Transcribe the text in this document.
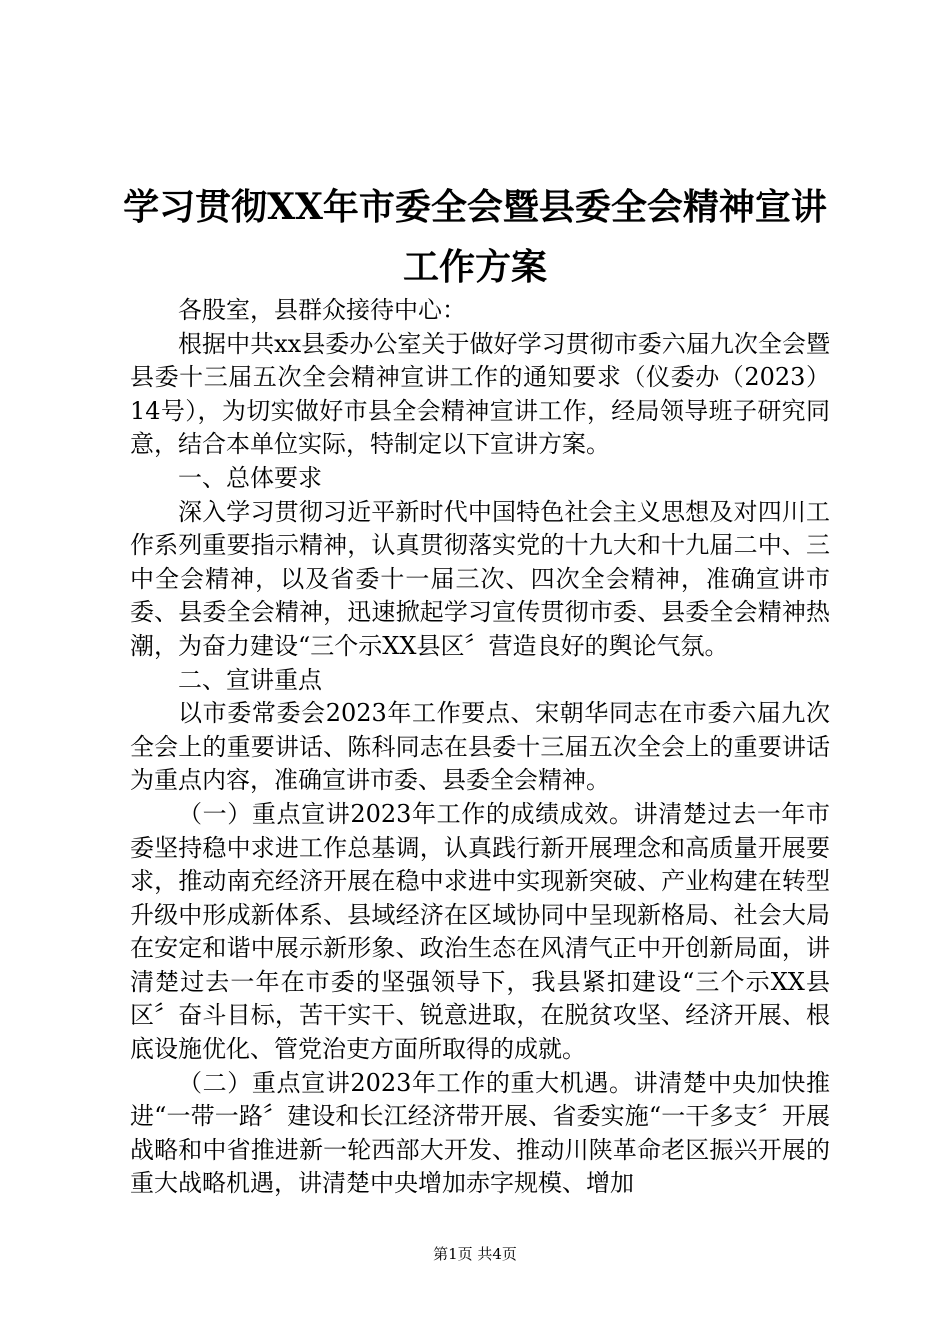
学习贯彻XX年市委全会暨县委全会精神宣讲
工作方案

各股室，县群众接待中心：

根据中共xx县委办公室关于做好学习贯彻市委六届九次全会暨县委十三届五次全会精神宣讲工作的通知要求（仪委办（2023）14号），为切实做好市县全会精神宣讲工作，经局领导班子研究同意，结合本单位实际，特制定以下宣讲方案。

一、总体要求

深入学习贯彻习近平新时代中国特色社会主义思想及对四川工作系列重要指示精神，认真贯彻落实党的十九大和十九届二中、三中全会精神，以及省委十一届三次、四次全会精神，准确宣讲市委、县委全会精神，迅速掀起学习宣传贯彻市委、县委全会精神热潮，为奋力建设“三个示XX县区〞营造良好的舆论气氛。

二、宣讲重点

以市委常委会2023年工作要点、宋朝华同志在市委六届九次全会上的重要讲话、陈科同志在县委十三届五次全会上的重要讲话为重点内容，准确宣讲市委、县委全会精神。

（一）重点宣讲2023年工作的成绩成效。讲清楚过去一年市委坚持稳中求进工作总基调，认真践行新开展理念和高质量开展要求，推动南充经济开展在稳中求进中实现新突破、产业构建在转型升级中形成新体系、县域经济在区域协同中呈现新格局、社会大局在安定和谐中展示新形象、政治生态在风清气正中开创新局面，讲清楚过去一年在市委的坚强领导下，我县紧扣建设“三个示XX县区〞奋斗目标，苦干实干、锐意进取，在脱贫攻坚、经济开展、根底设施优化、管党治吏方面所取得的成就。

（二）重点宣讲2023年工作的重大机遇。讲清楚中央加快推进“一带一路〞建设和长江经济带开展、省委实施“一干多支〞开展战略和中省推进新一轮西部大开发、推动川陕革命老区振兴开展的重大战略机遇，讲清楚中央增加赤字规模、增加

第1页 共4页
